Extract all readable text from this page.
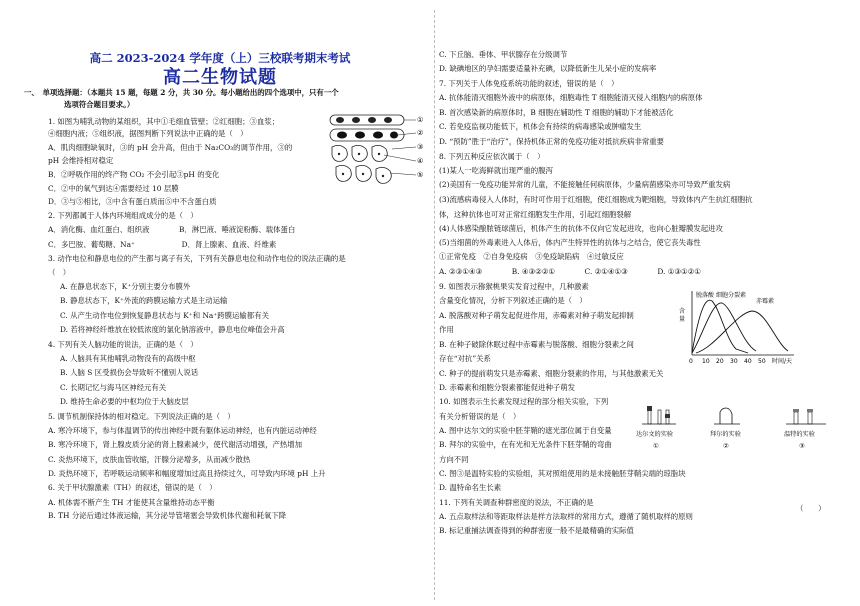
高二 2023-2024 学年度（上）三校联考期末考试
高二生物试题
一、　单项选择题：（本题共 15 题，每题 2 分，共 30 分。每小题给出的四个选项中，只有一个
选项符合题目要求。）
1. 如图为哺乳动物的某组织，其中①毛细血管壁；②红细胞；③血浆；
④细胞内液；⑤组织液，据图判断下列说法中正确的是（　）
A．肌肉细胞缺氧时，③的 pH 会升高，但由于 Na₂CO₃的调节作用，③的
pH 会维持相对稳定
B．②呼吸作用的终产物 CO₂ 不会引起③pH 的变化
C．②中的氧气到达④需要经过 10 层膜
D．③与⑤相比，③中含有蛋白质而⑤中不含蛋白质
2. 下列都属于人体内环境组成成分的是（　）
A．消化酶、血红蛋白、组织液　　　　B．淋巴液、唾液淀粉酶、载体蛋白
C．多巴胺、葡萄糖、Na⁺　　　　　　 D．肾上腺素、血液、纤维素
3. 动作电位和静息电位的产生都与离子有关，下列有关静息电位和动作电位的说法正确的是
（　）
A. 在静息状态下，K⁺分别主要分布膜外
B. 静息状态下，K⁺外流的跨膜运输方式是主动运输
C. 从产生动作电位到恢复静息状态与 K⁺和 Na⁺跨膜运输都有关
D. 若将神经纤维放在较低浓度的氯化钠溶液中，静息电位峰值会升高
4. 下列有关人脑功能的说法，正确的是（　）
A. 人脑具有其他哺乳动物没有的高级中枢
B. 人脑 S 区受损伤会导致听不懂别人说话
C. 长期记忆与海马区神经元有关
D. 维持生命必要的中枢均位于大脑皮层
5. 调节机制保持体的相对稳定。下列说法正确的是（　）
A. 寒冷环境下，参与体温调节的传出神经中既有躯体运动神经，也有内脏运动神经
B. 寒冷环境下，肾上腺皮质分泌的肾上腺素减少，使代谢活动增强，产热增加
C. 炎热环境下，皮肤血管收缩，汗腺分泌增多，从而减少散热
D. 炎热环境下，若呼吸运动频率和幅度增加过高且持续过久，可导致内环境 pH 上升
6. 关于甲状腺激素（TH）的叙述，错误的是（　）
A. 机体需不断产生 TH 才能使其含量维持动态平衡
B. TH 分泌后通过体液运输，其分泌导管堵塞会导致机体代谢和耗氧下降
C. 下丘脑、垂体、甲状腺存在分级调节
D. 缺碘地区的孕妇需要适量补充碘，以降低新生儿呆小症的发病率
7. 下列关于人体免疫系统功能的叙述，错误的是（　）
A. 抗体能清灭细胞外液中的病原体，细胞毒性 T 细胞能清灭侵入细胞内的病原体
B. 首次感染新的病原体时，B 细胞在辅助性 T 细胞的辅助下才能被活化
C. 若免疫监视功能低下，机体会有持续的病毒感染或肿瘤发生
D. “预防”胜于“治疗”，保持机体正常的免疫功能对抵抗疾病非常重要
8. 下列五种反应依次属于（　）
(1)某人一吃海鲜就出现严重的腹泻
(2)美国有一免疫功能异常的儿童，不能接触任何病原体，少量病菌感染亦可导致严重发病
(3)流感病毒侵入人体时，有时可作用于红细胞，使红细胞成为靶细胞，导致体内产生抗红细胞抗
体，这种抗体也可对正常红细胞发生作用，引起红细胞裂解
(4)人体感染酿脓链球菌后，机体产生的抗体不仅向它发起进攻，也向心脏瓣膜发起进攻
(5)当细菌的外毒素进入人体后，体内产生特异性的抗体与之结合，使它丧失毒性
①正常免疫　②自身免疫病　③免疫缺陷病　④过敏反应
A. ②③①④③　　　　B. ④③②②①　　　　C. ②①④①③　　　　D. ①③①②①
9. 如图表示猕猴桃果实发育过程中，几种激素
含量变化情况，分析下列叙述正确的是（　）
A. 脱落酸对种子萌发起促进作用，赤霉素对种子萌发起抑制
作用
B. 在种子破除休眠过程中赤霉素与脱落酸、细胞分裂素之间
存在“对抗”关系
C. 种子的提前萌发只是赤霉素、细胞分裂素的作用，与其他激素无关
D. 赤霉素和细胞分裂素都能促进种子萌发
10. 如图表示生长素发现过程的部分相关实验，下列
有关分析错误的是（　）
A. 图中达尔文的实验中胚芽鞘的遮光部位属于自变量
B. 拜尔的实验中，在有光和无光条件下胚芽鞘的弯曲
方向不同
C. 图③是温特实验的实验组，其对照组使用的是未接触胚芽鞘尖端的琼脂块
D. 温特命名生长素
11. 下列有关调查种群密度的说法，不正确的是
A. 五点取样法和等距取样法是样方法取样的常用方式，遵循了随机取样的原则
B. 标记重捕法调查得到的种群密度一般不是最精确的实际值
①
②
③
④
⑤
含
量
脱落酸 细胞分裂素
赤霉素
0 10 20 30 40 50 时间/天
达尔文的实验
①
拜尔的实验
②
温特的实验
③
（　　）
